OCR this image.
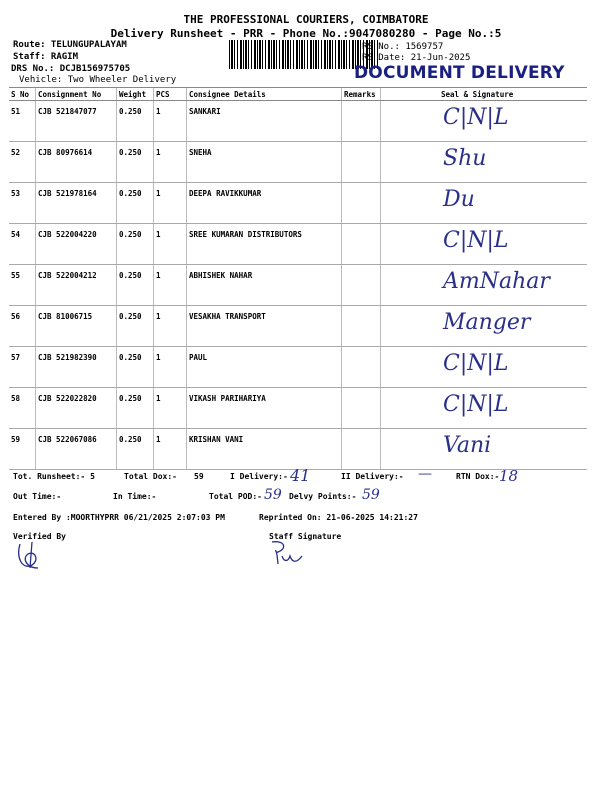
THE PROFESSIONAL COURIERS, COIMBATORE
Delivery Runsheet - PRR - Phone No.:9047080280 - Page No.:5
Route: TELUNGUPALAYAM
Staff: RAGIM
DRS No.: DCJB156975705
Vehicle: Two Wheeler Delivery
RS No.: 1569757
RS Date: 21-Jun-2025
DOCUMENT DELIVERY
S No	Consignment No	Weight	PCS	Consignee Details	Remarks	Seal & Signature
51	CJB 521847077	0.250	1	SANKARI		C|N|L

52	CJB 80976614	0.250	1	SNEHA		Shu

53	CJB 521978164	0.250	1	DEEPA RAVIKKUMAR		Du

54	CJB 522004220	0.250	1	SREE KUMARAN DISTRIBUTORS		C|N|L

55	CJB 522004212	0.250	1	ABHISHEK NAHAR		AmNahar

56	CJB 81006715	0.250	1	VESAKHA TRANSPORT		Manger

57	CJB 521982390	0.250	1	PAUL		C|N|L

58	CJB 522022820	0.250	1	VIKASH PARIHARIYA		C|N|L

59	CJB 522067086	0.250	1	KRISHAN VANI		Vani
Tot. Runsheet:- 5	Total Dox:- 59	I Delivery:- 41	II Delivery:- —	RTN Dox:- 18
Out Time:-	In Time:-	Total POD:- 59 Delvy Points:- 59
Entered By :MOORTHYPRR 06/21/2025 2:07:03 PM	Reprinted On: 21-06-2025 14:21:27
Verified By	Staff Signature
